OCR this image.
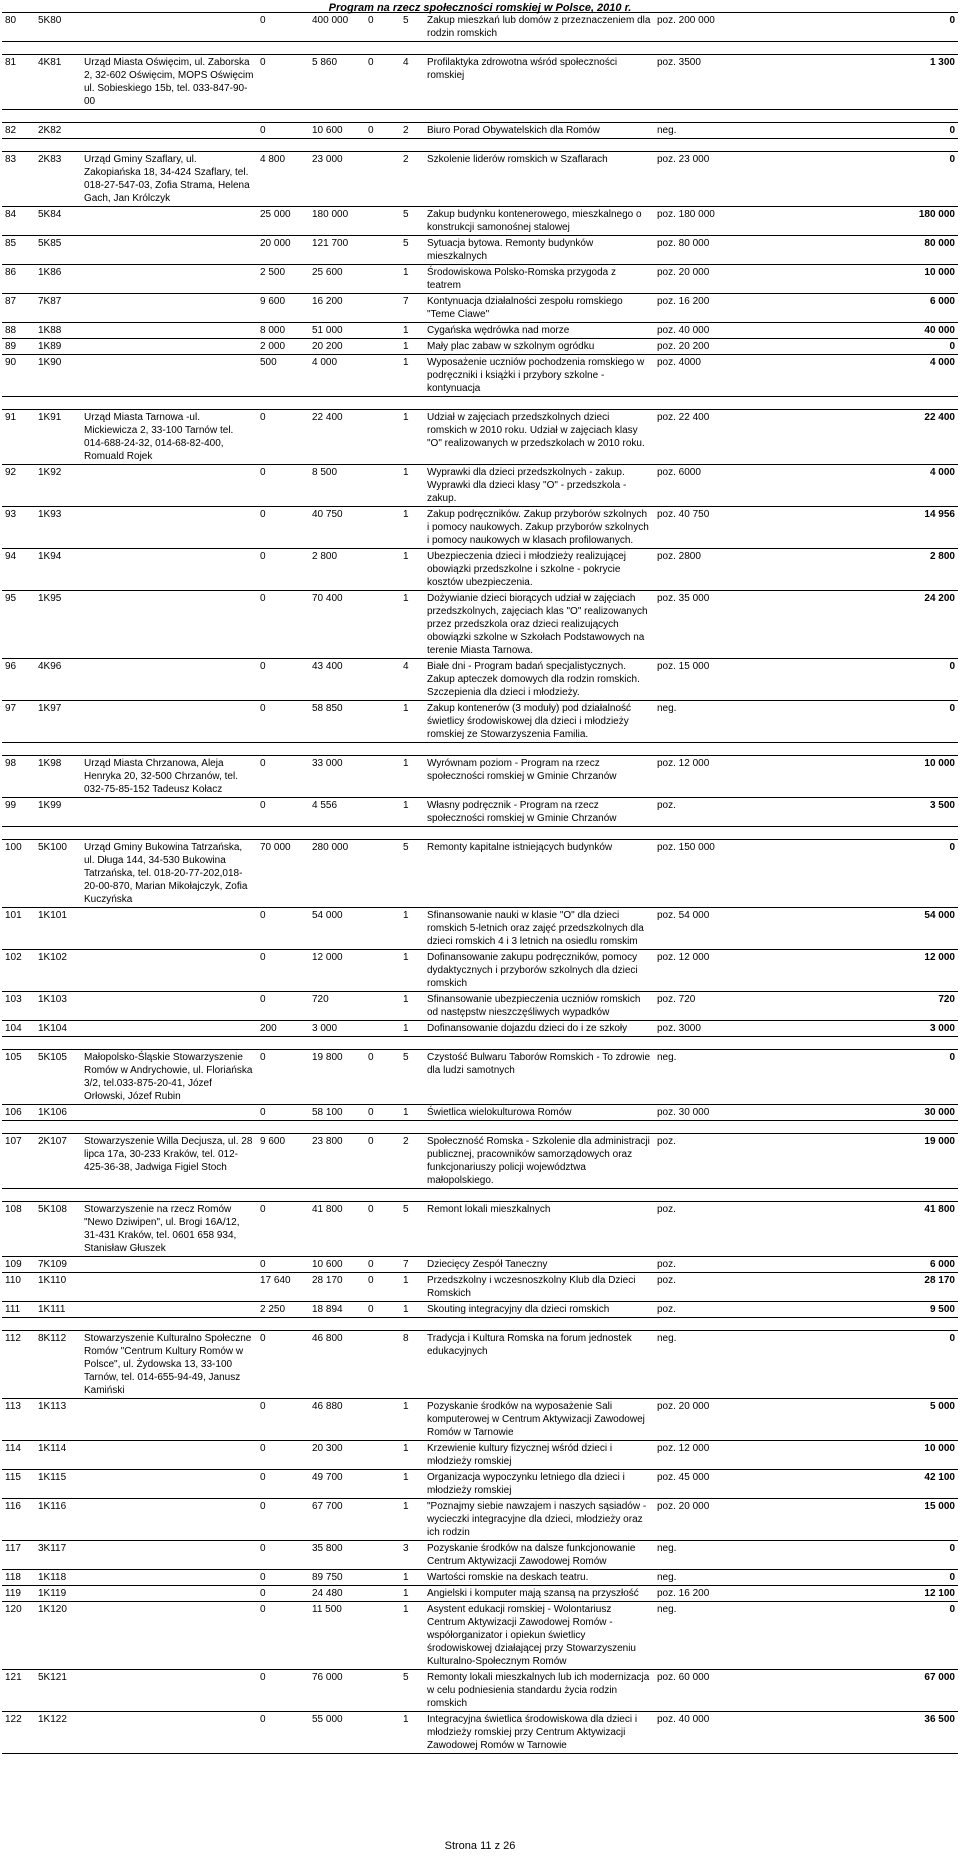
Program na rzecz społeczności romskiej w Polsce, 2010 r.
80	5K80		0	400 000	0	5	Zakup mieszkań lub domów z przeznaczeniem dla rodzin romskich	poz. 200 000		0

81	4K81	Urząd Miasta Oświęcim, ul. Zaborska 2, 32-602 Oświęcim, MOPS Oświęcim ul. Sobieskiego 15b, tel. 033-847-90-00	0	5 860	0	4	Profilaktyka zdrowotna wśród społeczności romskiej	poz. 3500		1 300

82	2K82		0	10 600	0	2	Biuro Porad Obywatelskich dla Romów	neg.		0

83	2K83	Urząd Gminy Szaflary, ul. Zakopiańska 18, 34-424 Szaflary, tel. 018-27-547-03, Zofia Strama, Helena Gach, Jan Królczyk	4 800	23 000		2	Szkolenie liderów romskich w Szaflarach	poz. 23 000		0
84	5K84		25 000	180 000		5	Zakup budynku kontenerowego, mieszkalnego o konstrukcji samonośnej stalowej	poz. 180 000		180 000
85	5K85		20 000	121 700		5	Sytuacja bytowa. Remonty budynków mieszkalnych	poz. 80 000		80 000
86	1K86		2 500	25 600		1	Środowiskowa Polsko-Romska przygoda z teatrem	poz. 20 000		10 000
87	7K87		9 600	16 200		7	Kontynuacja działalności zespołu romskiego "Teme Ciawe"	poz. 16 200		6 000
88	1K88		8 000	51 000		1	Cygańska wędrówka nad morze	poz. 40 000		40 000
89	1K89		2 000	20 200		1	Mały plac zabaw w szkolnym ogródku	poz. 20 200		0
90	1K90		500	4 000		1	Wyposażenie uczniów pochodzenia romskiego w podręczniki i książki i przybory szkolne - kontynuacja	poz. 4000		4 000

91	1K91	Urząd Miasta Tarnowa -ul. Mickiewicza 2, 33-100 Tarnów tel. 014-688-24-32, 014-68-82-400, Romuald Rojek	0	22 400		1	Udział w zajęciach przedszkolnych dzieci romskich w 2010 roku. Udział w zajęciach klasy "O" realizowanych w przedszkolach w 2010 roku.	poz. 22 400		22 400
92	1K92		0	8 500		1	Wyprawki dla dzieci przedszkolnych - zakup. Wyprawki dla dzieci klasy "O" - przedszkola - zakup.	poz. 6000		4 000
93	1K93		0	40 750		1	Zakup podręczników. Zakup przyborów szkolnych i pomocy naukowych. Zakup przyborów szkolnych i pomocy naukowych w klasach profilowanych.	poz. 40 750		14 956
94	1K94		0	2 800		1	Ubezpieczenia dzieci i młodzieży realizującej obowiązki przedszkolne i szkolne - pokrycie kosztów ubezpieczenia.	poz. 2800		2 800
95	1K95		0	70 400		1	Dożywianie dzieci biorących udział w zajęciach przedszkolnych, zajęciach klas "O" realizowanych przez przedszkola oraz dzieci realizujących obowiązki szkolne w Szkołach Podstawowych na terenie Miasta Tarnowa.	poz. 35 000		24 200
96	4K96		0	43 400		4	Białe dni - Program badań specjalistycznych. Zakup apteczek domowych dla rodzin romskich. Szczepienia dla dzieci i młodzieży.	poz. 15 000		0
97	1K97		0	58 850		1	Zakup kontenerów (3 moduły) pod działalność świetlicy środowiskowej dla dzieci i młodzieży romskiej ze Stowarzyszenia Familia.	neg.		0

98	1K98	Urząd Miasta Chrzanowa, Aleja Henryka 20, 32-500 Chrzanów, tel. 032-75-85-152 Tadeusz Kołacz	0	33 000		1	Wyrównam poziom - Program na rzecz społeczności romskiej w Gminie Chrzanów	poz. 12 000		10 000
99	1K99		0	4 556		1	Własny podręcznik - Program na rzecz społeczności romskiej w Gminie Chrzanów	poz.		3 500

100	5K100	Urząd Gminy Bukowina Tatrzańska, ul. Długa 144, 34-530 Bukowina Tatrzańska, tel. 018-20-77-202,018-20-00-870, Marian Mikołajczyk, Zofia Kuczyńska	70 000	280 000		5	Remonty kapitalne istniejących budynków	poz. 150 000		0
101	1K101		0	54 000		1	Sfinansowanie nauki w klasie "O" dla dzieci romskich 5-letnich oraz zajęć przedszkolnych dla dzieci romskich 4 i 3 letnich na osiedlu romskim	poz. 54 000		54 000
102	1K102		0	12 000		1	Dofinansowanie zakupu podręczników, pomocy dydaktycznych i przyborów szkolnych dla dzieci romskich	poz. 12 000		12 000
103	1K103		0	720		1	Sfinansowanie ubezpieczenia uczniów romskich od następstw nieszczęśliwych wypadków	poz. 720		720
104	1K104		200	3 000		1	Dofinansowanie dojazdu dzieci do i ze szkoły	poz. 3000		3 000

105	5K105	Małopolsko-Śląskie Stowarzyszenie Romów w Andrychowie, ul. Floriańska 3/2, tel.033-875-20-41, Józef Orłowski, Józef Rubin	0	19 800	0	5	Czystość Bulwaru Taborów Romskich - To zdrowie dla ludzi samotnych	neg.		0
106	1K106		0	58 100	0	1	Świetlica wielokulturowa Romów	poz. 30 000		30 000

107	2K107	Stowarzyszenie Willa Decjusza, ul. 28 lipca 17a, 30-233 Kraków, tel. 012-425-36-38, Jadwiga Figiel Stoch	9 600	23 800	0	2	Społeczność Romska - Szkolenie dla administracji publicznej, pracowników samorządowych oraz funkcjonariuszy policji województwa małopolskiego.	poz.		19 000

108	5K108	Stowarzyszenie na rzecz Romów "Newo Dziwipen", ul. Brogi 16A/12, 31-431 Kraków, tel. 0601 658 934, Stanisław Głuszek	0	41 800	0	5	Remont lokali mieszkalnych	poz.		41 800
109	7K109		0	10 600	0	7	Dziecięcy Zespół Taneczny	poz.		6 000
110	1K110		17 640	28 170	0	1	Przedszkolny i wczesnoszkolny Klub dla Dzieci Romskich	poz.		28 170
111	1K111		2 250	18 894	0	1	Skouting integracyjny dla dzieci romskich	poz.		9 500

112	8K112	Stowarzyszenie Kulturalno Społeczne Romów "Centrum Kultury Romów w Polsce", ul. Żydowska 13, 33-100 Tarnów, tel. 014-655-94-49, Janusz Kamiński	0	46 800		8	Tradycja i Kultura Romska na forum jednostek edukacyjnych	neg.		0
113	1K113		0	46 880		1	Pozyskanie środków na wyposażenie Sali komputerowej w Centrum Aktywizacji Zawodowej Romów w Tarnowie	poz. 20 000		5 000
114	1K114		0	20 300		1	Krzewienie kultury fizycznej wśród dzieci i młodzieży romskiej	poz. 12 000		10 000
115	1K115		0	49 700		1	Organizacja wypoczynku letniego dla dzieci i młodzieży romskiej	poz. 45 000		42 100
116	1K116		0	67 700		1	"Poznajmy siebie nawzajem i naszych sąsiadów - wycieczki integracyjne dla dzieci, młodzieży oraz ich rodzin	poz. 20 000		15 000
117	3K117		0	35 800		3	Pozyskanie środków na dalsze funkcjonowanie Centrum Aktywizacji Zawodowej Romów	neg.		0
118	1K118		0	89 750		1	Wartości romskie na deskach teatru.	neg.		0
119	1K119		0	24 480		1	Angielski i komputer mają szansą na przyszłość	poz. 16 200		12 100
120	1K120		0	11 500		1	Asystent edukacji romskiej - Wolontariusz Centrum Aktywizacji Zawodowej Romów - współorganizator i opiekun świetlicy środowiskowej działającej przy Stowarzyszeniu Kulturalno-Społecznym Romów	neg.		0
121	5K121		0	76 000		5	Remonty lokali mieszkalnych lub ich modernizacja w celu podniesienia standardu życia rodzin romskich	poz. 60 000		67 000
122	1K122		0	55 000		1	Integracyjna świetlica środowiskowa dla dzieci i młodzieży romskiej przy Centrum Aktywizacji Zawodowej Romów w Tarnowie	poz. 40 000		36 500
Strona 11 z 26
